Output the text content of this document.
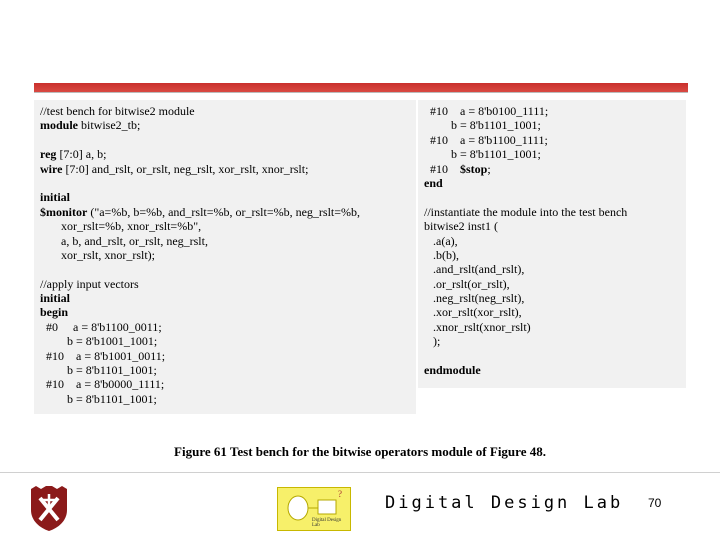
//test bench for bitwise2 module
module bitwise2_tb;

reg [7:0] a, b;
wire [7:0] and_rslt, or_rslt, neg_rslt, xor_rslt, xnor_rslt;

initial
$monitor ("a=%b, b=%b, and_rslt=%b, or_rslt=%b, neg_rslt=%b,
xor_rslt=%b, xnor_rslt=%b",
a, b, and_rslt, or_rslt, neg_rslt,
xor_rslt, xnor_rslt);

//apply input vectors
initial
begin
#0     a = 8'b1100_0011;
b = 8'b1001_1001;
#10    a = 8'b1001_0011;
b = 8'b1101_1001;
#10    a = 8'b0000_1111;
b = 8'b1101_1001;
#10    a = 8'b0100_1111;
b = 8'b1101_1001;
#10    a = 8'b1100_1111;
b = 8'b1101_1001;
#10    $stop;
end

//instantiate the module into the test bench
bitwise2 inst1 (
.a(a),
.b(b),
.and_rslt(and_rslt),
.or_rslt(or_rslt),
.neg_rslt(neg_rslt),
.xor_rslt(xor_rslt),
.xnor_rslt(xnor_rslt)
);

endmodule
Figure 61 Test bench for the bitwise operators module of Figure 48.
?
Digital Design Lab
Digital Design Lab 70
